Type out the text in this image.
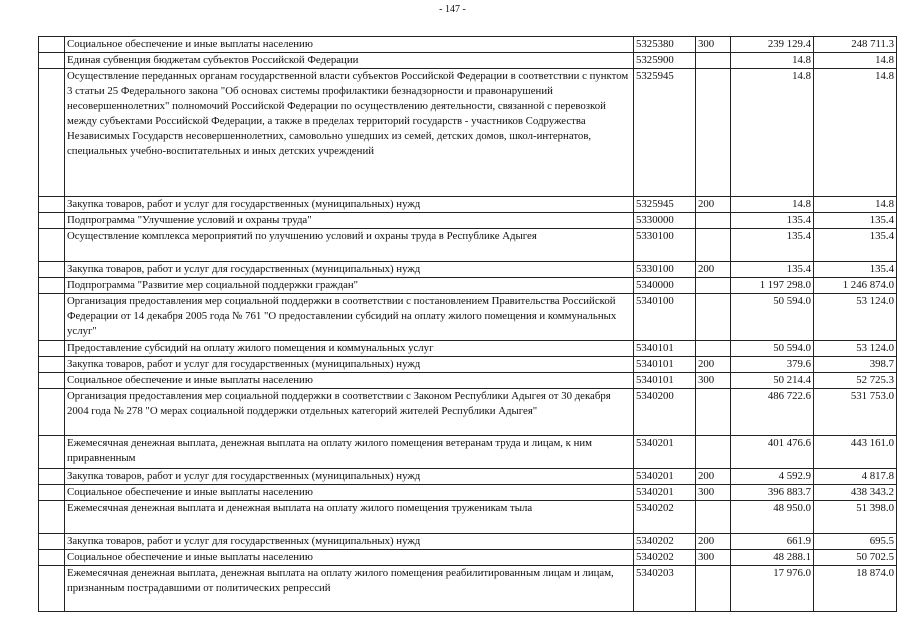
- 147 -
	Социальное обеспечение и иные выплаты населению	5325380	300	239 129.4	248 711.3
	Единая субвенция бюджетам субъектов Российской Федерации	5325900		14.8	14.8
	Осуществление переданных органам государственной власти субъектов Российской Федерации в соответствии с пунктом 3 статьи 25 Федерального закона "Об основах системы профилактики безнадзорности и правонарушений несовершеннолетних" полномочий Российской Федерации по осуществлению деятельности, связанной с перевозкой между субъектами Российской Федерации, а также в пределах территорий государств - участников Содружества Независимых Государств несовершеннолетних, самовольно ушедших из семей, детских домов, школ-интернатов, специальных учебно-воспитательных и иных детских учреждений	5325945		14.8	14.8
	Закупка товаров, работ и услуг для государственных (муниципальных) нужд	5325945	200	14.8	14.8
	Подпрограмма "Улучшение условий и охраны труда"	5330000		135.4	135.4
	Осуществление комплекса мероприятий по улучшению условий и охраны труда в Республике Адыгея	5330100		135.4	135.4
	Закупка товаров, работ и услуг для государственных (муниципальных) нужд	5330100	200	135.4	135.4
	Подпрограмма "Развитие мер социальной поддержки граждан"	5340000		1 197 298.0	1 246 874.0
	Организация предоставления мер социальной поддержки в соответствии с постановлением Правительства Российской Федерации от 14 декабря 2005 года № 761 "О предоставлении субсидий на оплату жилого помещения и коммунальных услуг"	5340100		50 594.0	53 124.0
	Предоставление субсидий на оплату жилого помещения и коммунальных услуг	5340101		50 594.0	53 124.0
	Закупка товаров, работ и услуг для государственных (муниципальных) нужд	5340101	200	379.6	398.7
	Социальное обеспечение и иные выплаты населению	5340101	300	50 214.4	52 725.3
	Организация предоставления мер социальной поддержки в соответствии с Законом Республики Адыгея от 30 декабря 2004 года № 278 "О мерах социальной поддержки отдельных категорий жителей Республики Адыгея"	5340200		486 722.6	531 753.0
	Ежемесячная денежная выплата, денежная выплата на оплату жилого помещения ветеранам труда и лицам, к ним приравненным	5340201		401 476.6	443 161.0
	Закупка товаров, работ и услуг для государственных (муниципальных) нужд	5340201	200	4 592.9	4 817.8
	Социальное обеспечение и иные выплаты населению	5340201	300	396 883.7	438 343.2
	Ежемесячная денежная выплата и денежная выплата на оплату жилого помещения труженикам тыла	5340202		48 950.0	51 398.0
	Закупка товаров, работ и услуг для государственных (муниципальных) нужд	5340202	200	661.9	695.5
	Социальное обеспечение и иные выплаты населению	5340202	300	48 288.1	50 702.5
	Ежемесячная денежная выплата, денежная выплата на оплату жилого помещения реабилитированным лицам и лицам, признанным пострадавшими от политических репрессий	5340203		17 976.0	18 874.0
